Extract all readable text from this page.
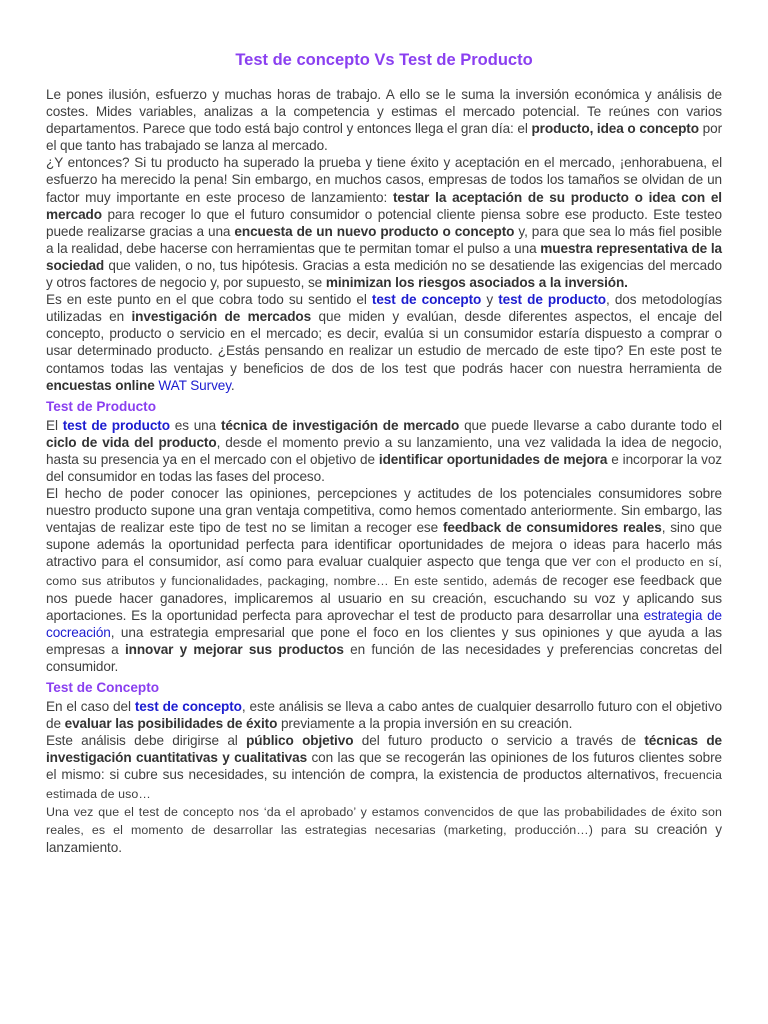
Test de concepto Vs Test de Producto

Le pones ilusión, esfuerzo y muchas horas de trabajo. A ello se le suma la inversión económica y análisis de costes. Mides variables, analizas a la competencia y estimas el mercado potencial. Te reúnes con varios departamentos. Parece que todo está bajo control y entonces llega el gran día: el producto, idea o concepto por el que tanto has trabajado se lanza al mercado.

¿Y entonces? Si tu producto ha superado la prueba y tiene éxito y aceptación en el mercado, ¡enhorabuena, el esfuerzo ha merecido la pena! Sin embargo, en muchos casos, empresas de todos los tamaños se olvidan de un factor muy importante en este proceso de lanzamiento: testar la aceptación de su producto o idea con el mercado para recoger lo que el futuro consumidor o potencial cliente piensa sobre ese producto. Este testeo puede realizarse gracias a una encuesta de un nuevo producto o concepto y, para que sea lo más fiel posible a la realidad, debe hacerse con herramientas que te permitan tomar el pulso a una muestra representativa de la sociedad que validen, o no, tus hipótesis. Gracias a esta medición no se desatiende las exigencias del mercado y otros factores de negocio y, por supuesto, se minimizan los riesgos asociados a la inversión.

Es en este punto en el que cobra todo su sentido el test de concepto y test de producto, dos metodologías utilizadas en investigación de mercados que miden y evalúan, desde diferentes aspectos, el encaje del concepto, producto o servicio en el mercado; es decir, evalúa si un consumidor estaría dispuesto a comprar o usar determinado producto. ¿Estás pensando en realizar un estudio de mercado de este tipo? En este post te contamos todas las ventajas y beneficios de dos de los test que podrás hacer con nuestra herramienta de encuestas online WAT Survey.

Test de Producto

El test de producto es una técnica de investigación de mercado que puede llevarse a cabo durante todo el ciclo de vida del producto, desde el momento previo a su lanzamiento, una vez validada la idea de negocio, hasta su presencia ya en el mercado con el objetivo de identificar oportunidades de mejora e incorporar la voz del consumidor en todas las fases del proceso.

El hecho de poder conocer las opiniones, percepciones y actitudes de los potenciales consumidores sobre nuestro producto supone una gran ventaja competitiva, como hemos comentado anteriormente. Sin embargo, las ventajas de realizar este tipo de test no se limitan a recoger ese feedback de consumidores reales, sino que supone además la oportunidad perfecta para identificar oportunidades de mejora o ideas para hacerlo más atractivo para el consumidor, así como para evaluar cualquier aspecto que tenga que ver con el producto en sí, como sus atributos y funcionalidades, packaging, nombre… En este sentido, además de recoger ese feedback que nos puede hacer ganadores, implicaremos al usuario en su creación, escuchando su voz y aplicando sus aportaciones. Es la oportunidad perfecta para aprovechar el test de producto para desarrollar una estrategia de cocreación, una estrategia empresarial que pone el foco en los clientes y sus opiniones y que ayuda a las empresas a innovar y mejorar sus productos en función de las necesidades y preferencias concretas del consumidor.

Test de Concepto

En el caso del test de concepto, este análisis se lleva a cabo antes de cualquier desarrollo futuro con el objetivo de evaluar las posibilidades de éxito previamente a la propia inversión en su creación.

Este análisis debe dirigirse al público objetivo del futuro producto o servicio a través de técnicas de investigación cuantitativas y cualitativas con las que se recogerán las opiniones de los futuros clientes sobre el mismo: si cubre sus necesidades, su intención de compra, la existencia de productos alternativos, frecuencia estimada de uso…

Una vez que el test de concepto nos ‘da el aprobado’ y estamos convencidos de que las probabilidades de éxito son reales, es el momento de desarrollar las estrategias necesarias (marketing, producción…) para su creación y lanzamiento.
